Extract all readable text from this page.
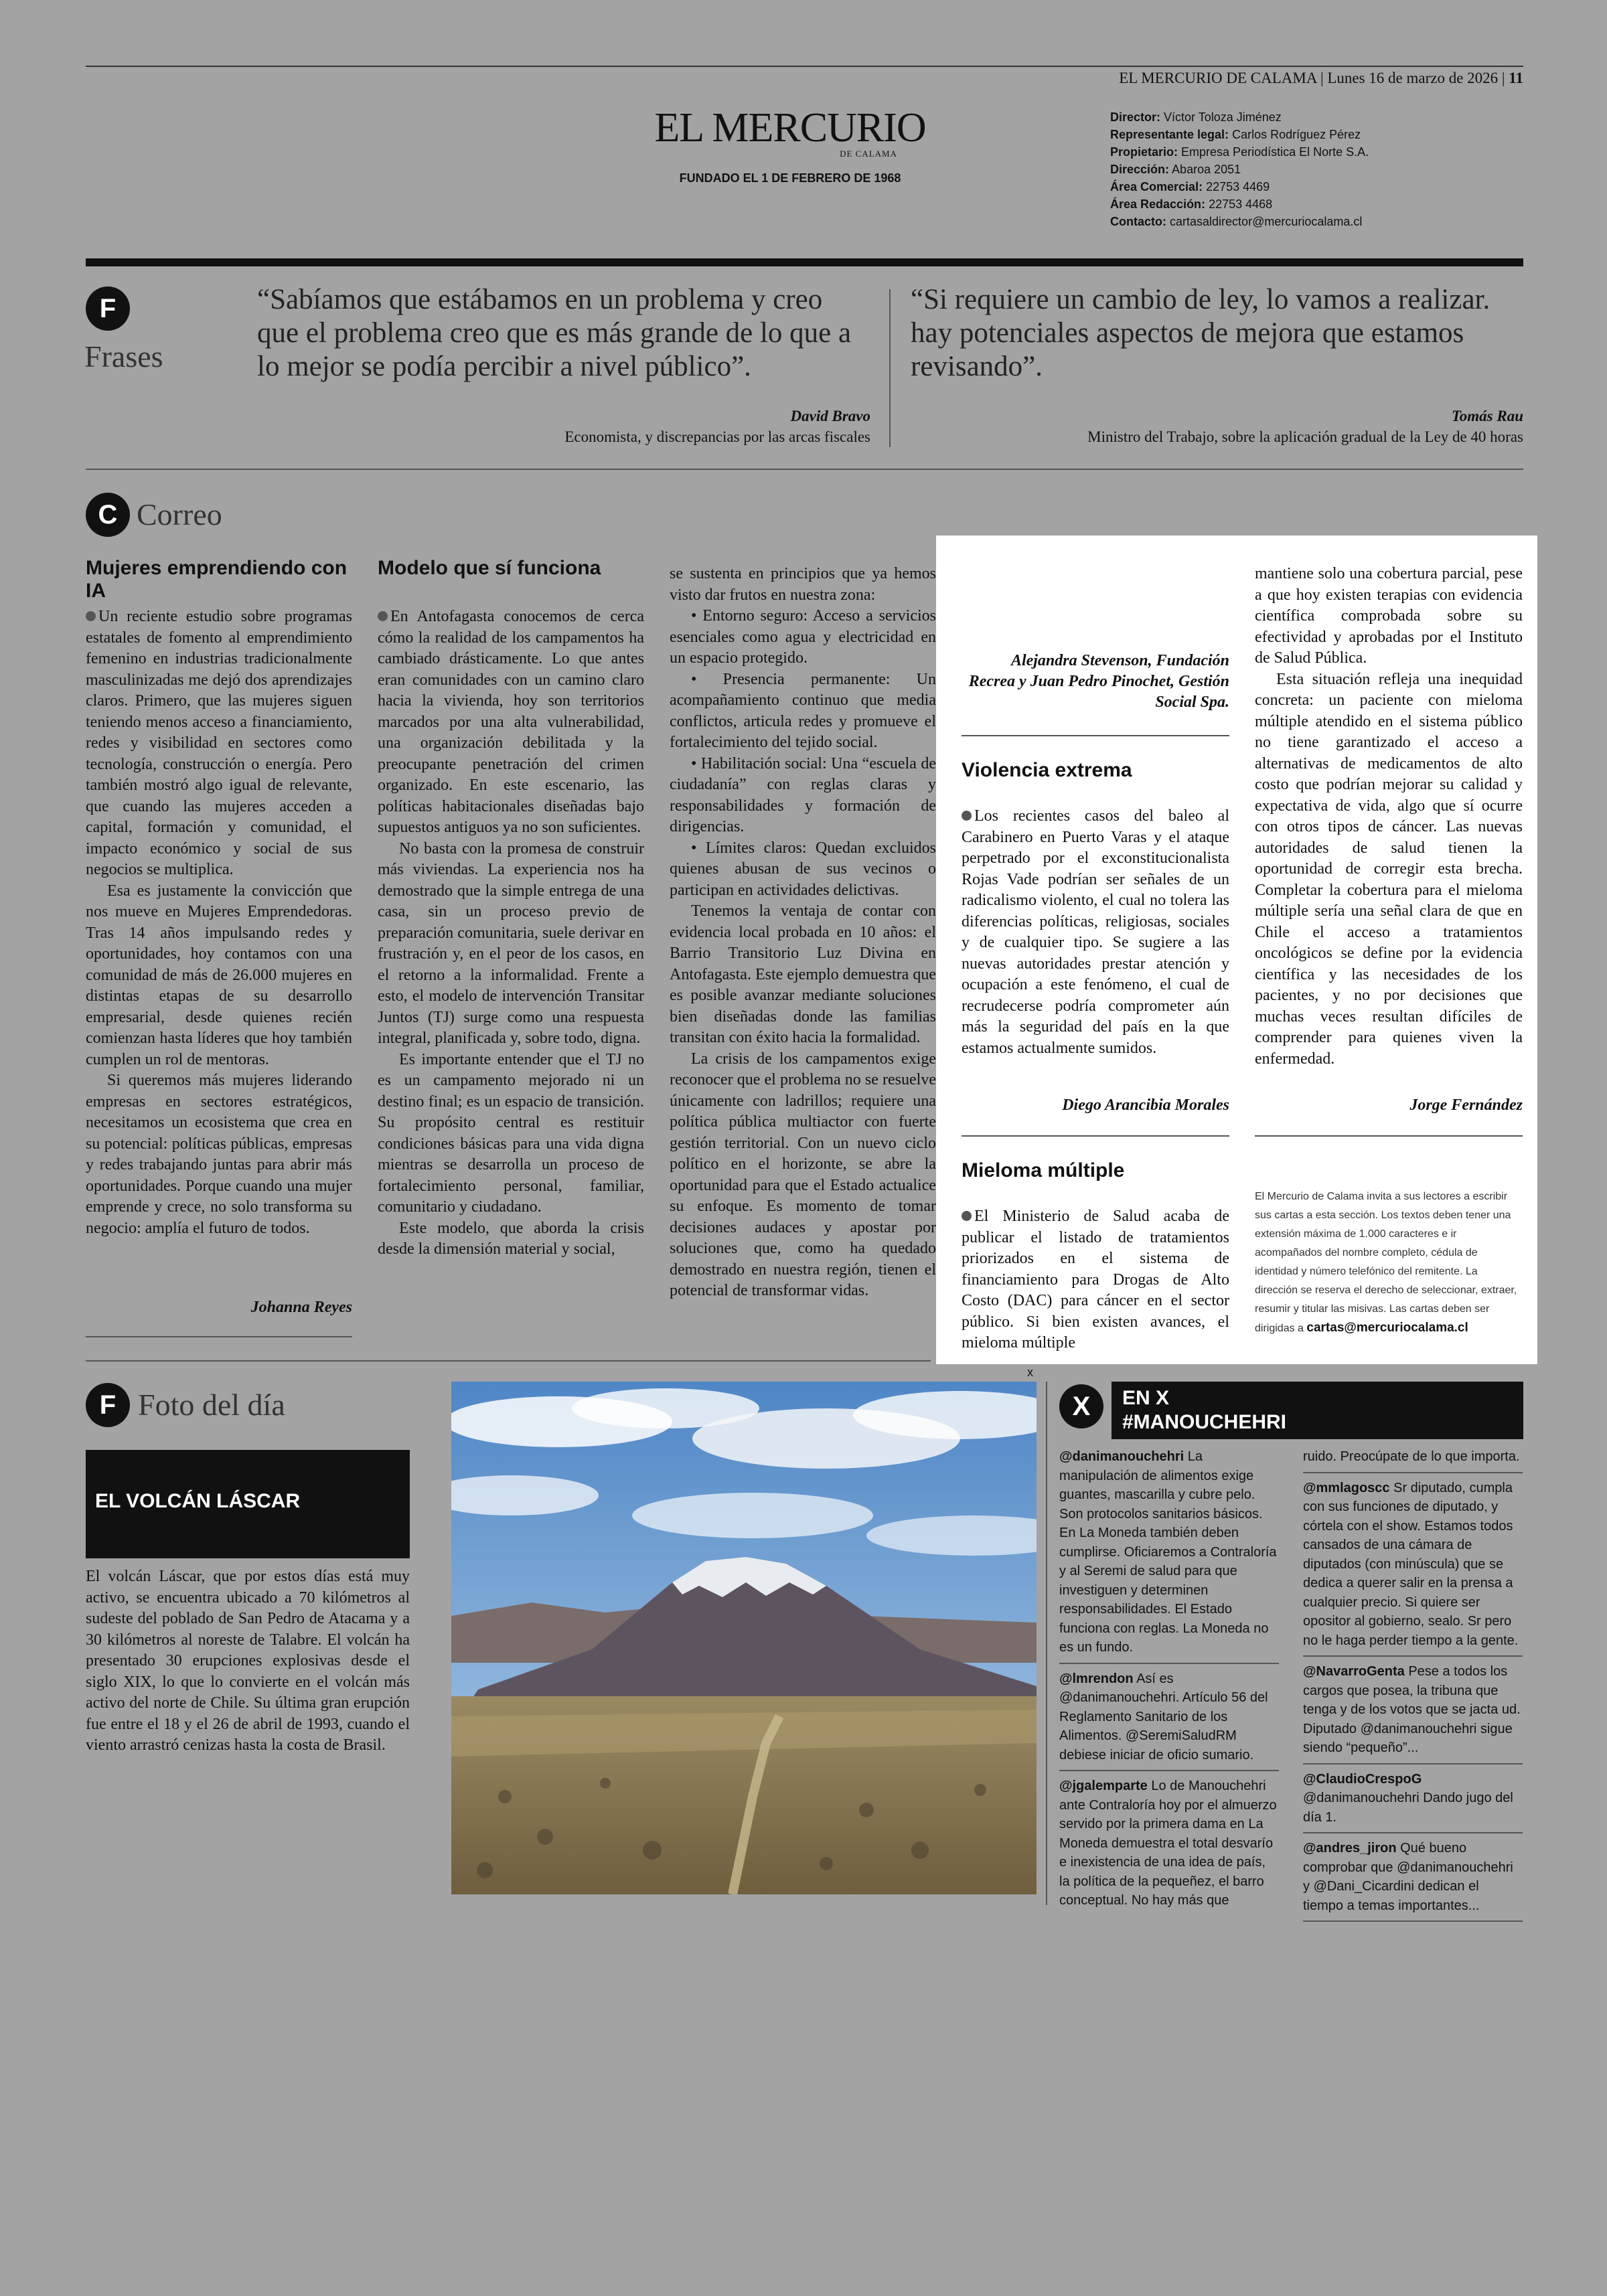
EL MERCURIO DE CALAMA | Lunes 16 de marzo de 2026 | 11
EL MERCURIO
DE CALAMA
FUNDADO EL 1 DE FEBRERO DE 1968
Director: Víctor Toloza Jiménez
Representante legal: Carlos Rodríguez Pérez
Propietario: Empresa Periodística El Norte S.A.
Dirección: Abaroa 2051
Área Comercial: 22753 4469
Área Redacción: 22753 4468
Contacto: cartasaldirector@mercuriocalama.cl
F
Frases
“Sabíamos que estábamos en un problema y creo que el problema creo que es más grande de lo que a lo mejor se podía percibir a nivel público”.
David Bravo
Economista, y discrepancias por las arcas fiscales
“Si requiere un cambio de ley, lo vamos a realizar. hay potenciales aspectos de mejora que estamos revisando”.
Tomás Rau
Ministro del Trabajo, sobre la aplicación gradual de la Ley de 40 horas
C Correo
Mujeres emprendiendo con IA

Un reciente estudio sobre programas estatales de fomento al emprendimiento femenino en industrias tradicionalmente masculinizadas me dejó dos aprendizajes claros. Primero, que las mujeres siguen teniendo menos acceso a financiamiento, redes y visibilidad en sectores como tecnología, construcción o energía. Pero también mostró algo igual de relevante, que cuando las mujeres acceden a capital, formación y comunidad, el impacto económico y social de sus negocios se multiplica.

Esa es justamente la convicción que nos mueve en Mujeres Emprendedoras. Tras 14 años impulsando redes y oportunidades, hoy contamos con una comunidad de más de 26.000 mujeres en distintas etapas de su desarrollo empresarial, desde quienes recién comienzan hasta líderes que hoy también cumplen un rol de mentoras.

Si queremos más mujeres liderando empresas en sectores estratégicos, necesitamos un ecosistema que crea en su potencial: políticas públicas, empresas y redes trabajando juntas para abrir más oportunidades. Porque cuando una mujer emprende y crece, no solo transforma su negocio: amplía el futuro de todos.

Johanna Reyes
Modelo que sí funciona

En Antofagasta conocemos de cerca cómo la realidad de los campamentos ha cambiado drásticamente. Lo que antes eran comunidades con un camino claro hacia la vivienda, hoy son territorios marcados por una alta vulnerabilidad, una organización debilitada y la preocupante penetración del crimen organizado. En este escenario, las políticas habitacionales diseñadas bajo supuestos antiguos ya no son suficientes.

No basta con la promesa de construir más viviendas. La experiencia nos ha demostrado que la simple entrega de una casa, sin un proceso previo de preparación comunitaria, suele derivar en frustración y, en el peor de los casos, en el retorno a la informalidad. Frente a esto, el modelo de intervención Transitar Juntos (TJ) surge como una respuesta integral, planificada y, sobre todo, digna.

Es importante entender que el TJ no es un campamento mejorado ni un destino final; es un espacio de transición. Su propósito central es restituir condiciones básicas para una vida digna mientras se desarrolla un proceso de fortalecimiento personal, familiar, comunitario y ciudadano.

Este modelo, que aborda la crisis desde la dimensión material y social,

se sustenta en principios que ya hemos visto dar frutos en nuestra zona:

• Entorno seguro: Acceso a servicios esenciales como agua y electricidad en un espacio protegido.

• Presencia permanente: Un acompañamiento continuo que media conflictos, articula redes y promueve el fortalecimiento del tejido social.

• Habilitación social: Una “escuela de ciudadanía” con reglas claras y responsabilidades y formación de dirigencias.

• Límites claros: Quedan excluidos quienes abusan de sus vecinos o participan en actividades delictivas.

Tenemos la ventaja de contar con evidencia local probada en 10 años: el Barrio Transitorio Luz Divina en Antofagasta. Este ejemplo demuestra que es posible avanzar mediante soluciones bien diseñadas donde las familias transitan con éxito hacia la formalidad.

La crisis de los campamentos exige reconocer que el problema no se resuelve únicamente con ladrillos; requiere una política pública multiactor con fuerte gestión territorial. Con un nuevo ciclo político en el horizonte, se abre la oportunidad para que el Estado actualice su enfoque. Es momento de tomar decisiones audaces y apostar por soluciones que, como ha quedado demostrado en nuestra región, tienen el potencial de transformar vidas.

Alejandra Stevenson, Fundación Recrea y Juan Pedro Pinochet, Gestión Social Spa.
Violencia extrema

Los recientes casos del baleo al Carabinero en Puerto Varas y el ataque perpetrado por el exconstitucionalista Rojas Vade podrían ser señales de un radicalismo violento, el cual no tolera las diferencias políticas, religiosas, sociales y de cualquier tipo. Se sugiere a las nuevas autoridades prestar atención y ocupación a este fenómeno, el cual de recrudecerse podría comprometer aún más la seguridad del país en la que estamos actualmente sumidos.

Diego Arancibia Morales
Mieloma múltiple

El Ministerio de Salud acaba de publicar el listado de tratamientos priorizados en el sistema de financiamiento para Drogas de Alto Costo (DAC) para cáncer en el sector público. Si bien existen avances, el mieloma múltiple

mantiene solo una cobertura parcial, pese a que hoy existen terapias con evidencia científica comprobada sobre su efectividad y aprobadas por el Instituto de Salud Pública.

Esta situación refleja una inequidad concreta: un paciente con mieloma múltiple atendido en el sistema público no tiene garantizado el acceso a alternativas de medicamentos de alto costo que podrían mejorar su calidad y expectativa de vida, algo que sí ocurre con otros tipos de cáncer. Las nuevas autoridades de salud tienen la oportunidad de corregir esta brecha. Completar la cobertura para el mieloma múltiple sería una señal clara de que en Chile el acceso a tratamientos oncológicos se define por la evidencia científica y las necesidades de los pacientes, y no por decisiones que muchas veces resultan difíciles de comprender para quienes viven la enfermedad.

Jorge Fernández
El Mercurio de Calama invita a sus lectores a escribir sus cartas a esta sección. Los textos deben tener una extensión máxima de 1.000 caracteres e ir acompañados del nombre completo, cédula de identidad y número telefónico del remitente. La dirección se reserva el derecho de seleccionar, extraer, resumir y titular las misivas. Las cartas deben ser dirigidas a cartas@mercuriocalama.cl
F Foto del día
EL VOLCÁN LÁSCAR
El volcán Láscar, que por estos días está muy activo, se encuentra ubicado a 70 kilómetros al sudeste del poblado de San Pedro de Atacama y a 30 kilómetros al noreste de Talabre. El volcán ha presentado 30 erupciones explosivas desde el siglo XIX, lo que lo convierte en el volcán más activo del norte de Chile. Su última gran erupción fue entre el 18 y el 26 de abril de 1993, cuando el viento arrastró cenizas hasta la costa de Brasil.
x
X	EN X
#MANOUCHEHRI
@danimanouchehri La manipulación de alimentos exige guantes, mascarilla y cubre pelo. Son protocolos sanitarios básicos. En La Moneda también deben cumplirse. Oficiaremos a Contraloría y al Seremi de salud para que investiguen y determinen responsabilidades. El Estado funciona con reglas. La Moneda no es un fundo.
@lmrendon Así es @danimanouchehri. Artículo 56 del Reglamento Sanitario de los Alimentos. @SeremiSaludRM debiese iniciar de oficio sumario.
@jgalemparte Lo de Manouchehri ante Contraloría hoy por el almuerzo servido por la primera dama en La Moneda demuestra el total desvarío e inexistencia de una idea de país, la política de la pequeñez, el barro conceptual. No hay más que
ruido. Preocúpate de lo que importa.
@mmlagoscc Sr diputado, cumpla con sus funciones de diputado, y córtela con el show. Estamos todos cansados de una cámara de diputados (con minúscula) que se dedica a querer salir en la prensa a cualquier precio. Si quiere ser opositor al gobierno, sealo. Sr pero no le haga perder tiempo a la gente.
@NavarroGenta Pese a todos los cargos que posea, la tribuna que tenga y de los votos que se jacta ud. Diputado @danimanouchehri sigue siendo “pequeño”...
@ClaudioCrespoG @danimanouchehri Dando jugo del día 1.
@andres_jiron Qué bueno comprobar que @danimanouchehri y @Dani_Cicardini dedican el tiempo a temas importantes...
